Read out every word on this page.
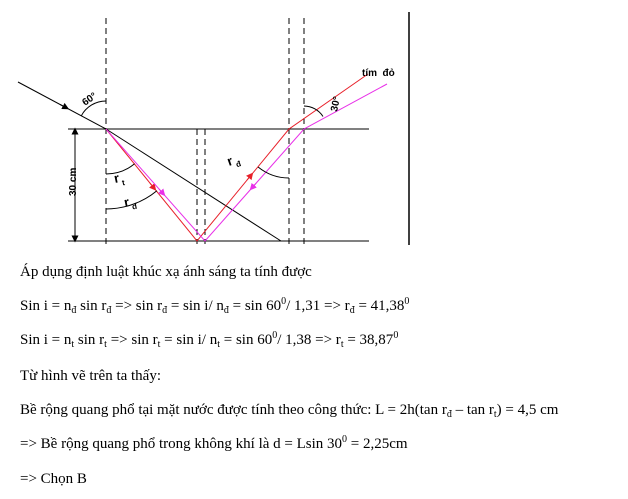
30 cm
60°
r t
r đ
r đ
30°
tím  đỏ
Áp dụng định luật khúc xạ ánh sáng ta tính được
Sin $i = n_đ$ $\sin r_đ => \sin r_đ = \sin i/$ $n_đ = \sin 60^0/$ $1,31 => r_đ = 41,38^0$
Sin $i = n_t$ $\sin r_t => \sin r_t = \sin i/$ $n_t = \sin 60^0/$ $1,38 => r_t = 38,87^0$
Từ hình vẽ trên ta thấy:
Bề rộng quang phổ tại mặt nước được tính theo công thức: L = 2h(tan $r_đ - \tan r_t) = 4,5$ cm
=> Bề rộng quang phổ trong không khí là d = Lsin $30^0 = 2,25cm$
=> Chọn B
